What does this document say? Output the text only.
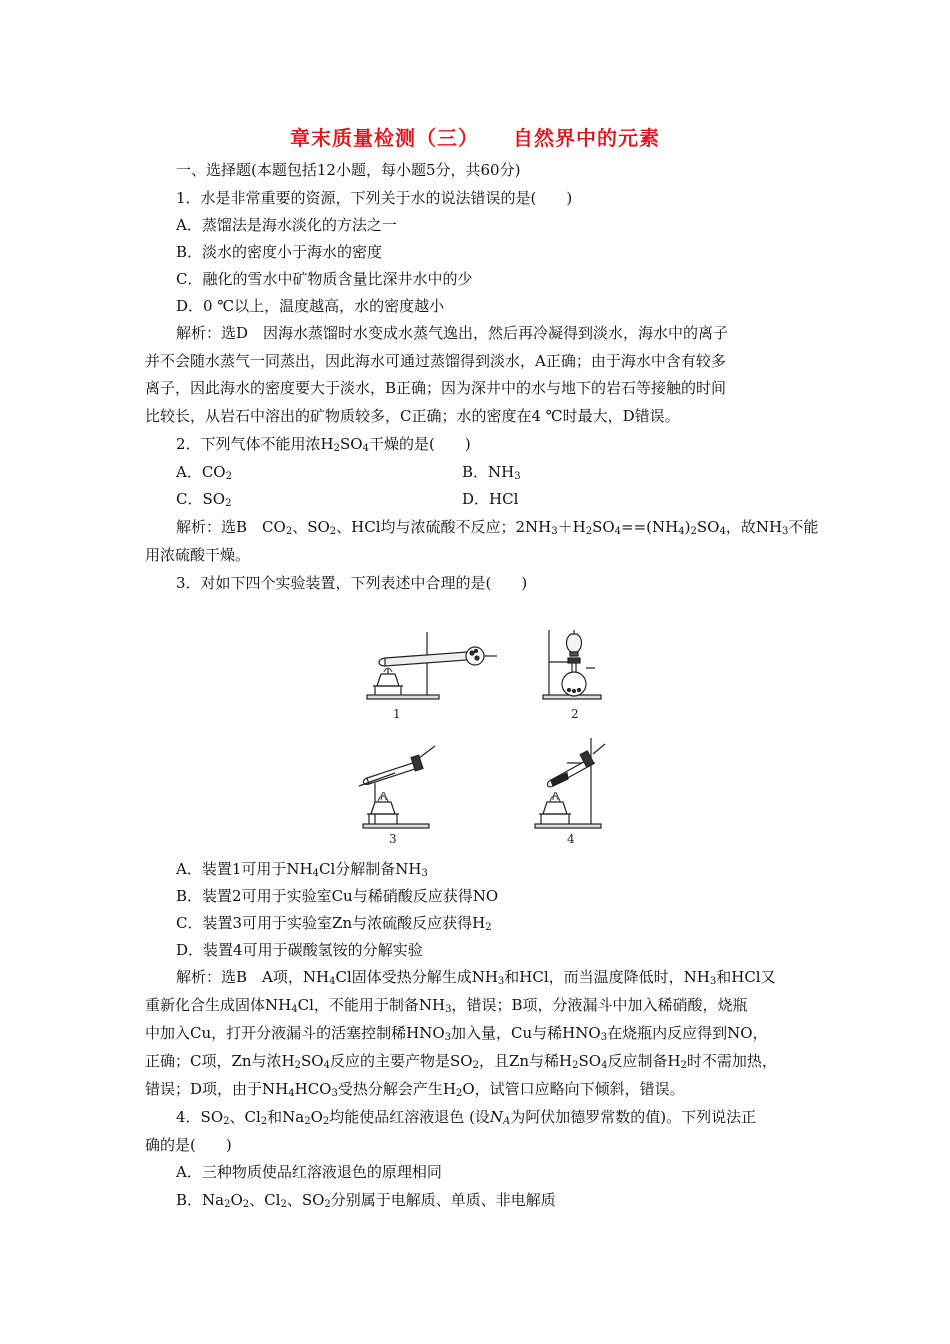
章末质量检测（三） 自然界中的元素
一、选择题(本题包括12小题，每小题5分，共60分)
1．水是非常重要的资源，下列关于水的说法错误的是(　　)
A．蒸馏法是海水淡化的方法之一
B．淡水的密度小于海水的密度
C．融化的雪水中矿物质含量比深井水中的少
D．0 ℃以上，温度越高，水的密度越小
解析：选D　因海水蒸馏时水变成水蒸气逸出，然后再冷凝得到淡水，海水中的离子
并不会随水蒸气一同蒸出，因此海水可通过蒸馏得到淡水，A正确；由于海水中含有较多
离子，因此海水的密度要大于淡水，B正确；因为深井中的水与地下的岩石等接触的时间
比较长，从岩石中溶出的矿物质较多，C正确；水的密度在4 ℃时最大，D错误。
2．下列气体不能用浓$H_2SO_4$干燥的是(　　)
A．$CO_2$	B．$NH_3$
C．$SO_2$	D．HCl
解析：选B　$CO_2$、$SO_2$、HCl均与浓硫酸不反应；$2NH_3+H_2SO_4==(NH_4)_2SO_4$，故$NH_3$不能
用浓硫酸干燥。
3．对如下四个实验装置，下列表述中合理的是(　　)
1	2
3	4
A．装置1可用于$NH_4Cl$分解制备$NH_3$
B．装置2可用于实验室Cu与稀硝酸反应获得NO
C．装置3可用于实验室Zn与浓硫酸反应获得$H_2$
D．装置4可用于碳酸氢铵的分解实验
解析：选B　A项，$NH_4Cl$固体受热分解生成$NH_3$和HCl，而当温度降低时，$NH_3$和HCl又
重新化合生成固体$NH_4Cl$，不能用于制备$NH_3$，错误；B项，分液漏斗中加入稀硝酸，烧瓶
中加入Cu，打开分液漏斗的活塞控制稀$HNO_3$加入量，Cu与稀$HNO_3$在烧瓶内反应得到NO，
正确；C项，Zn与浓$H_2SO_4$反应的主要产物是$SO_2$，且Zn与稀$H_2SO_4$反应制备$H_2$时不需加热，
错误；D项，由于$NH_4HCO_3$受热分解会产生$H_2O$，试管口应略向下倾斜，错误。
4．$SO_2$、$Cl_2$和$Na_2O_2$均能使品红溶液退色 (设$N_A$为阿伏加德罗常数的值)。下列说法正
确的是(　　)
A．三种物质使品红溶液退色的原理相同
B．$Na_2O_2$、$Cl_2$、$SO_2$分别属于电解质、单质、非电解质
